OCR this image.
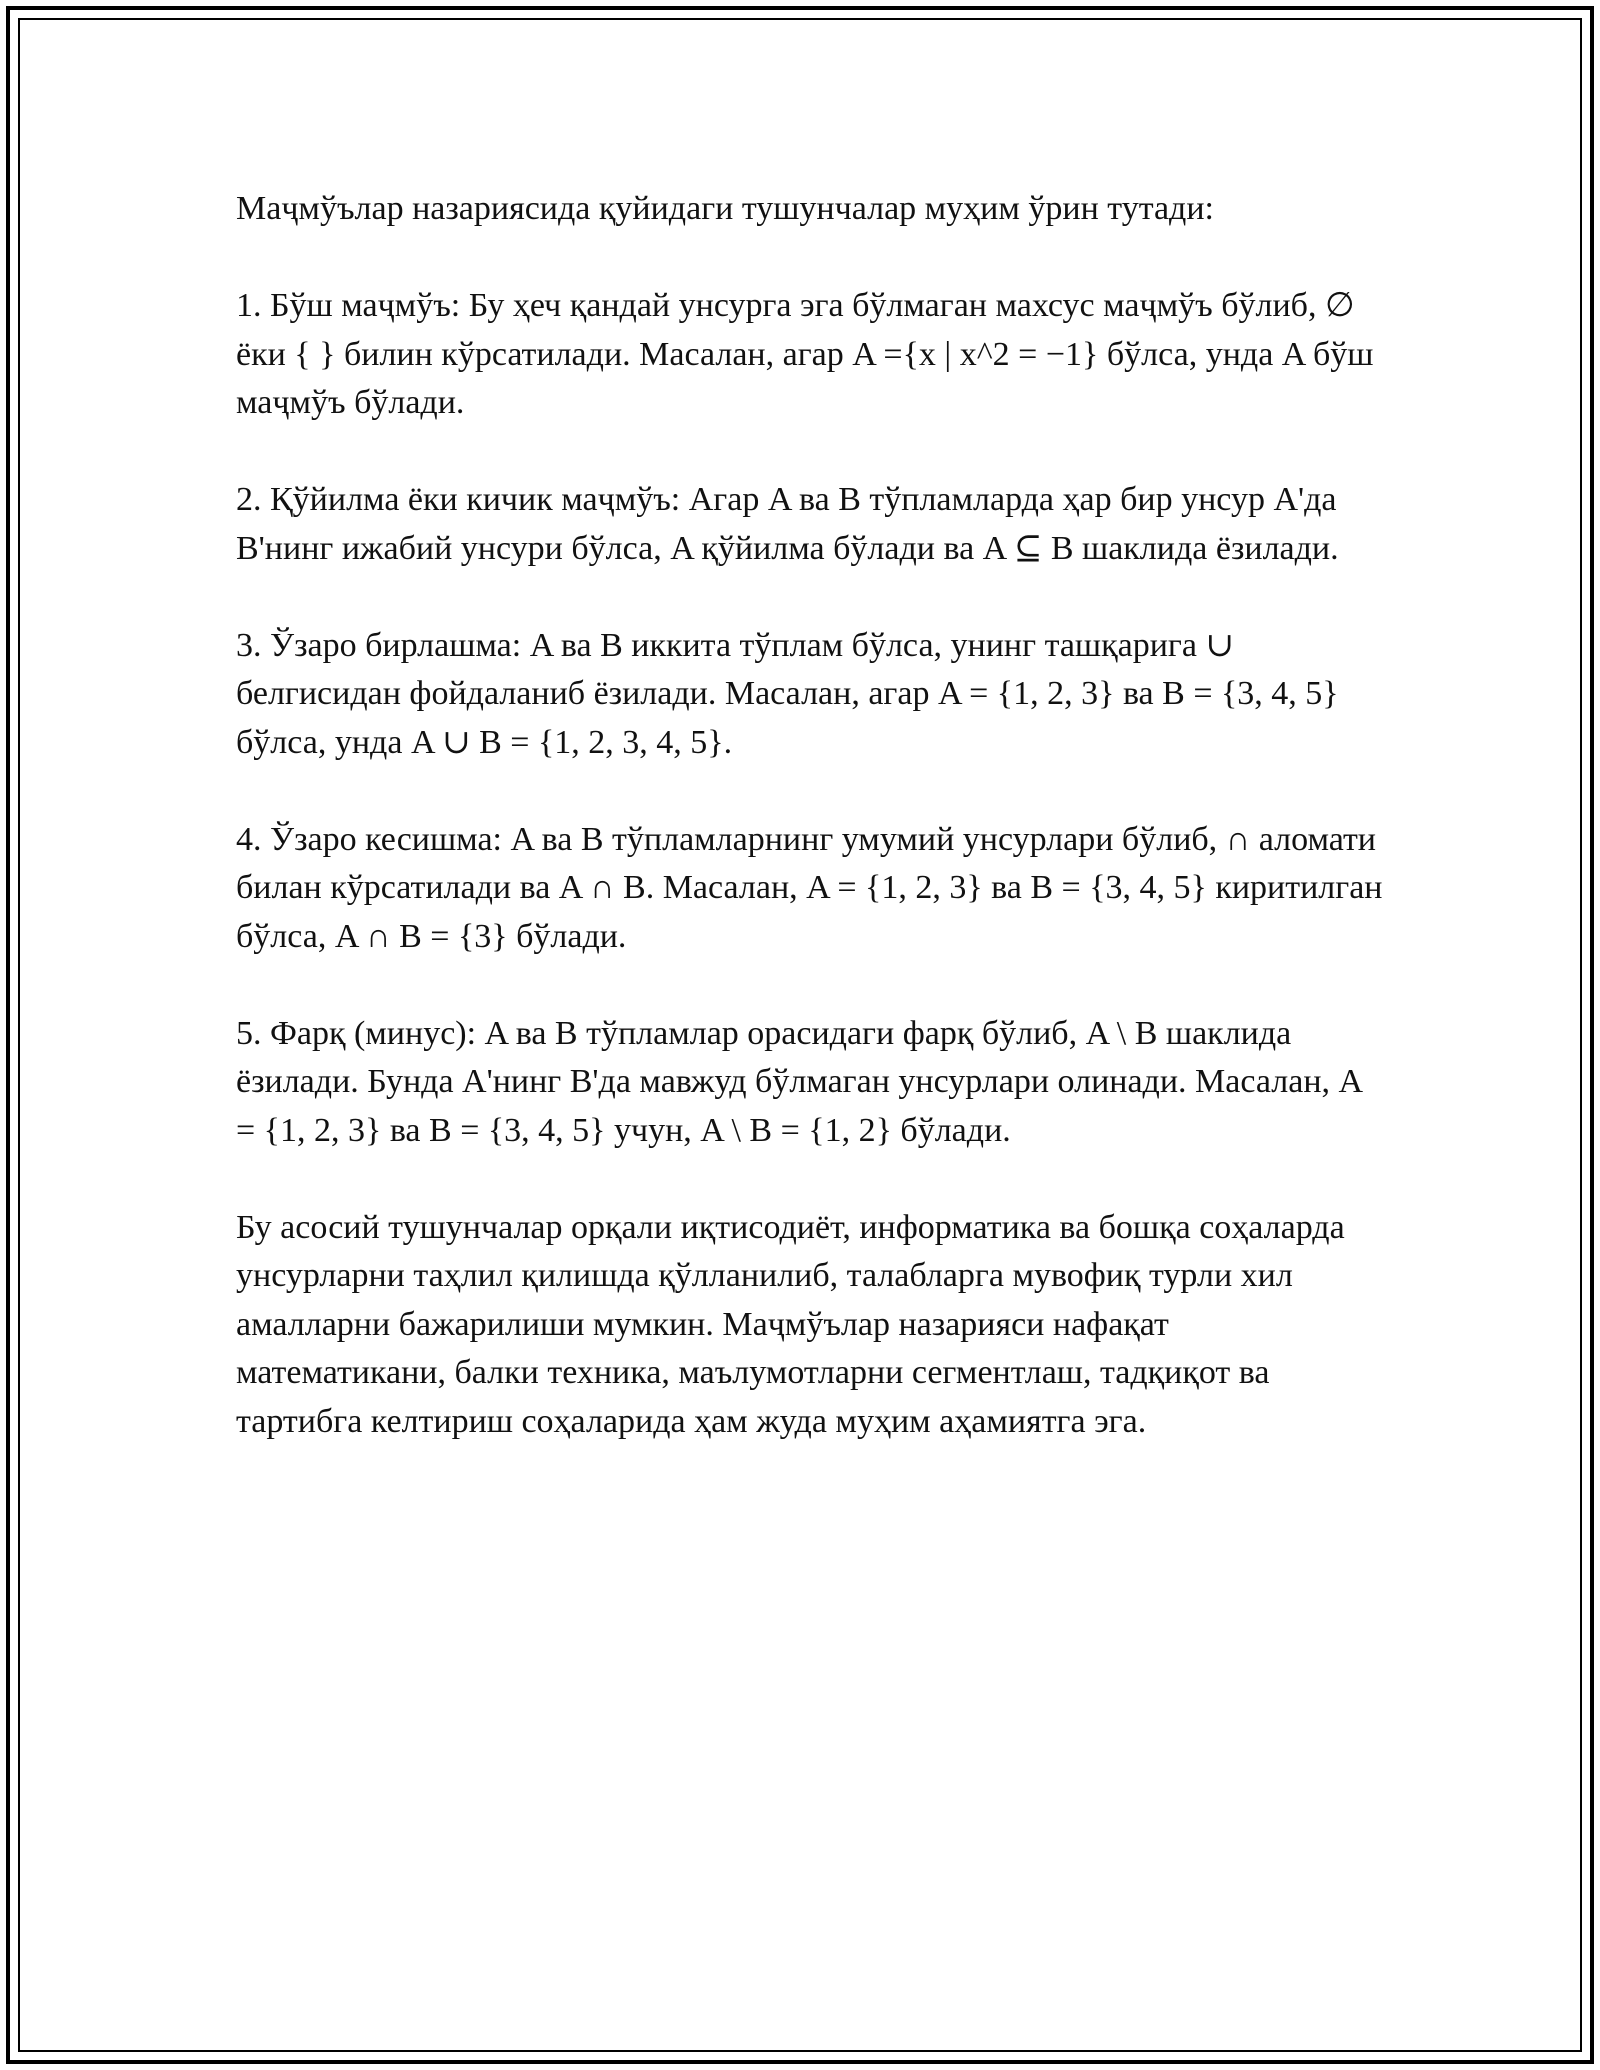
Маҷмўълар назариясида қуйидаги тушунчалар муҳим ўрин тутади:

1. Бўш маҷмўъ: Бу ҳеч қандай унсурга эга бўлмаган махсус маҷмўъ бўлиб, ∅ ёки { } билин кўрсатилади. Масалан, агар A ={x | x^2 = −1} бўлса, унда A бўш маҷмўъ бўлади.

2. Қўйилма ёки кичик маҷмўъ: Агар A ва B тўпламларда ҳар бир унсур A'да B'нинг ижабий унсури бўлса, A қўйилма бўлади ва A ⊆ B шаклида ёзилади.

3. Ўзаро бирлашма: A ва B иккита тўплам бўлса, унинг ташқарига ∪ белгисидан фойдаланиб ёзилади. Масалан, агар A = {1, 2, 3} ва B = {3, 4, 5} бўлса, унда A ∪ B = {1, 2, 3, 4, 5}.

4. Ўзаро кесишма: A ва B тўпламларнинг умумий унсурлари бўлиб, ∩ аломати билан кўрсатилади ва A ∩ B. Масалан, A = {1, 2, 3} ва B = {3, 4, 5} киритилган бўлса, A ∩ B = {3} бўлади.

5. Фарқ (минус): A ва B тўпламлар орасидаги фарқ бўлиб, A \ B шаклида ёзилади. Бунда A'нинг B'да мавжуд бўлмаган унсурлари олинади. Масалан, A = {1, 2, 3} ва B = {3, 4, 5} учун, A \ B = {1, 2} бўлади.

Бу асосий тушунчалар орқали иқтисодиёт, информатика ва бошқа соҳаларда унсурларни таҳлил қилишда қўлланилиб, талабларга мувофиқ турли хил амалларни бажарилиши мумкин. Маҷмўълар назарияси нафақат математикани, балки техника, маълумотларни сегментлаш, тадқиқот ва тартибга келтириш соҳаларида ҳам жуда муҳим аҳамиятга эга.
